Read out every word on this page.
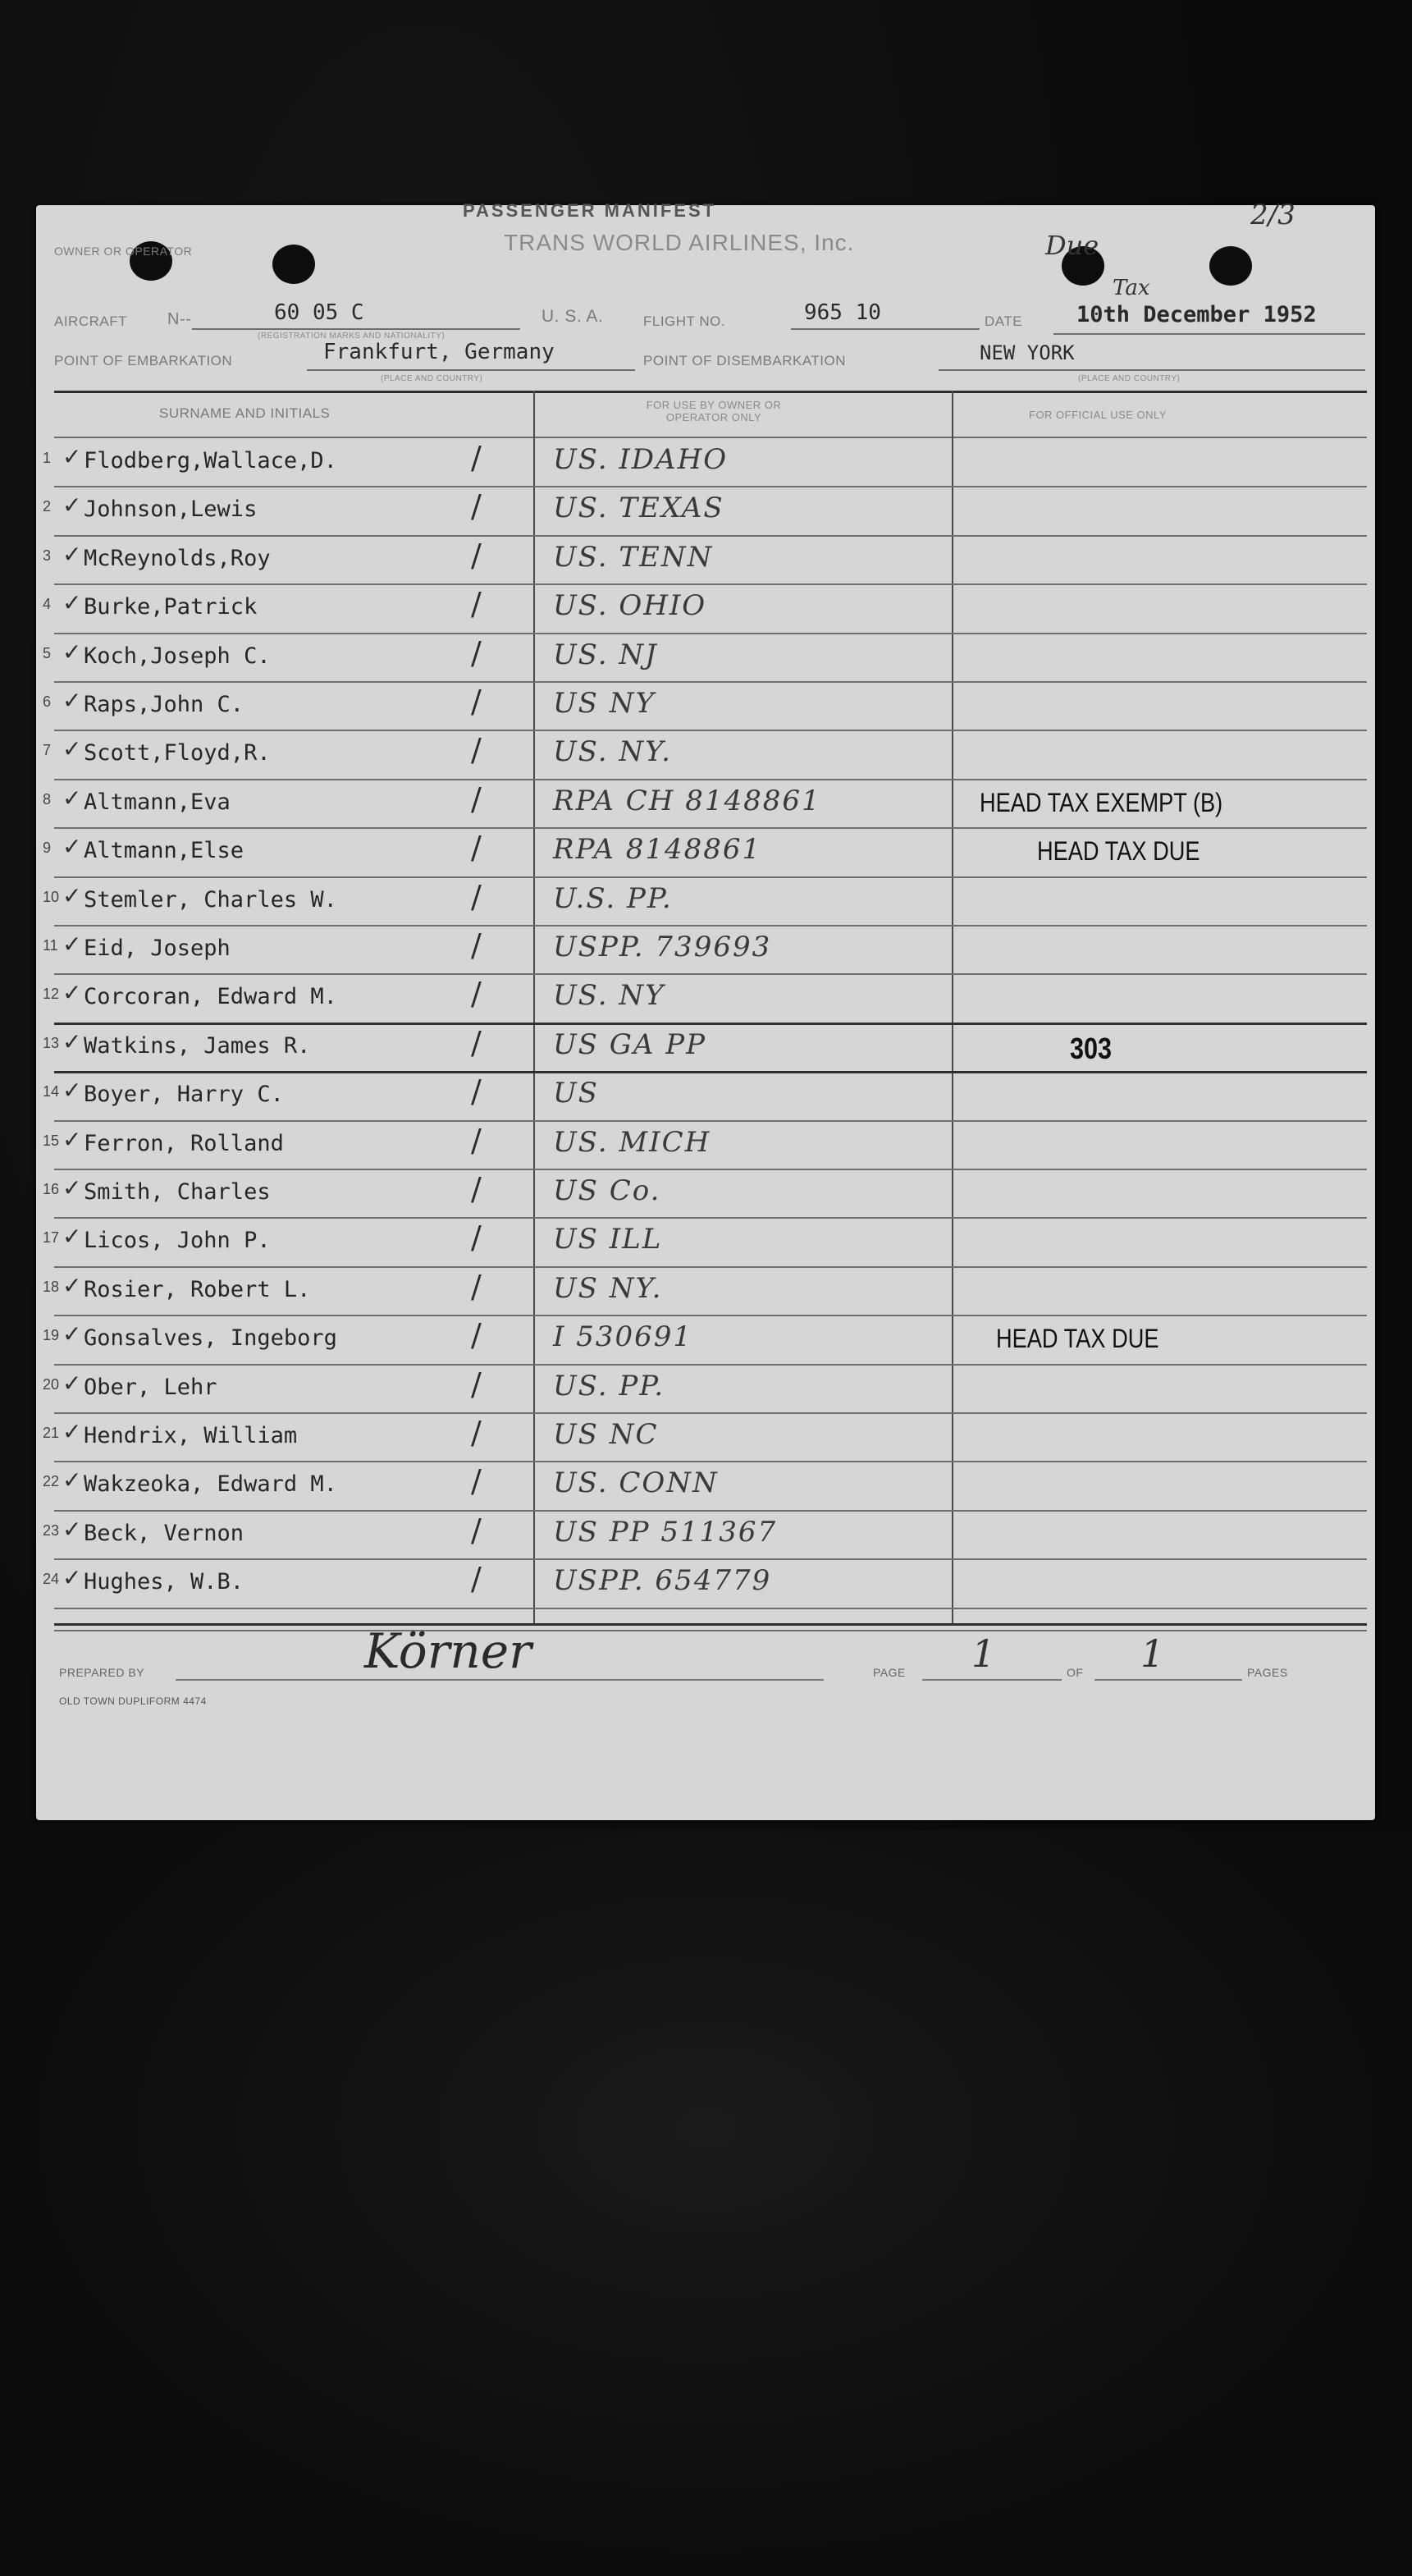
PASSENGER MANIFEST
OWNER OR OPERATOR	TRANS WORLD AIRLINES, Inc.
2/3
Due
Tax
AIRCRAFT N--	60 05 C
(REGISTRATION MARKS AND NATIONALITY)
U. S. A.	FLIGHT NO.	965 10	DATE 10th December 1952
POINT OF EMBARKATION	Frankfurt, Germany
(PLACE AND COUNTRY)
POINT OF DISEMBARKATION	NEW YORK
(PLACE AND COUNTRY)
SURNAME AND INITIALS
FOR USE BY OWNER OR OPERATOR ONLY	FOR OFFICIAL USE ONLY
1 ✓ Flodberg,Wallace,D.	/	US. IDAHO
2 ✓ Johnson,Lewis	/	US. TEXAS
3 ✓ McReynolds,Roy	/	US. TENN
4 ✓ Burke,Patrick	/	US. OHIO
5 ✓ Koch,Joseph C.	/	US. NJ
6 ✓ Raps,John C.	/	US NY
7 ✓ Scott,Floyd,R.	/	US. NY.
8 ✓ Altmann,Eva	/	RPA CH 8148861	HEAD TAX EXEMPT (B)
9 ✓ Altmann,Else	/	RPA 8148861	HEAD TAX DUE
10 ✓ Stemler, Charles W.	/	U.S. PP.
11 ✓ Eid, Joseph	/	USPP. 739693
12 ✓ Corcoran, Edward M.	/	US. NY
13 ✓ Watkins, James R.	/	US GA PP	303
14 ✓ Boyer, Harry C.	/	US
15 ✓ Ferron, Rolland	/	US. MICH
16 ✓ Smith, Charles	/	US Co.
17 ✓ Licos, John P.	/	US ILL
18 ✓ Rosier, Robert L.	/	US NY.
19 ✓ Gonsalves, Ingeborg	/	I 530691	HEAD TAX DUE
20 ✓ Ober, Lehr	/	US. PP.
21 ✓ Hendrix, William	/	US NC
22 ✓ Wakzeoka, Edward M.	/	US. CONN
23 ✓ Beck, Vernon	/	US PP 511367
24 ✓ Hughes, W.B.	/	USPP. 654779
PREPARED BY	Körner	PAGE 1	OF 1	PAGES
OLD TOWN DUPLIFORM 4474
